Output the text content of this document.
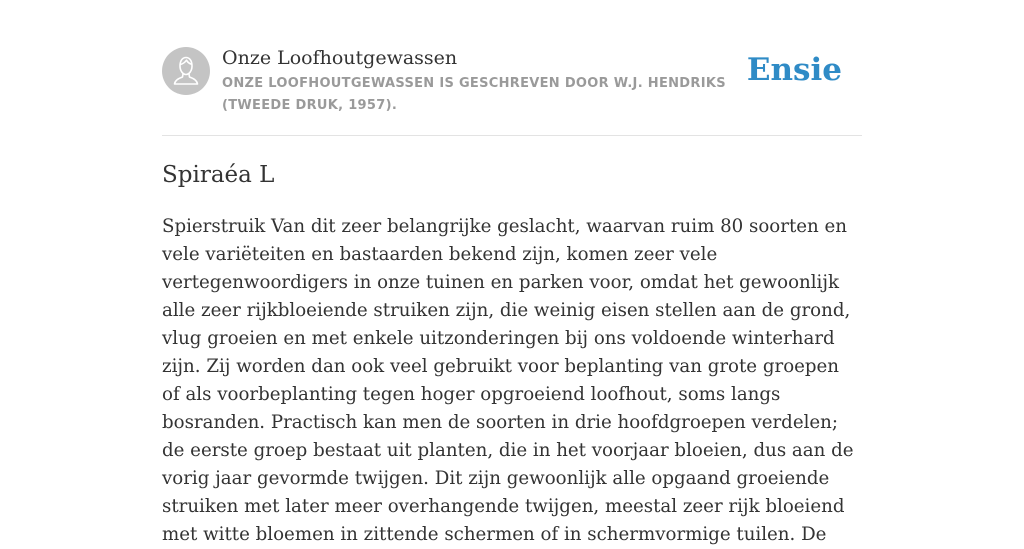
Onze Loofhoutgewassen
ONZE LOOFHOUTGEWASSEN IS GESCHREVEN DOOR W.J. HENDRIKS (TWEEDE DRUK, 1957).
Ensie
Spiraéa L

Spierstruik Van dit zeer belangrijke geslacht, waarvan ruim 80 soorten en vele variëteiten en bastaarden bekend zijn, komen zeer vele vertegenwoordigers in onze tuinen en parken voor, omdat het gewoonlijk alle zeer rijkbloeiende struiken zijn, die weinig eisen stellen aan de grond, vlug groeien en met enkele uitzonderingen bij ons voldoende winterhard zijn. Zij worden dan ook veel gebruikt voor beplanting van grote groepen of als voorbeplanting tegen hoger opgroeiend loofhout, soms langs bosranden. Practisch kan men de soorten in drie hoofdgroepen verdelen; de eerste groep bestaat uit planten, die in het voorjaar bloeien, dus aan de vorig jaar gevormde twijgen. Dit zijn gewoonlijk alle opgaand groeiende struiken met later meer overhangende twijgen, meestal zeer rijk bloeiend met witte bloemen in zittende schermen of in schermvormige tuilen. De
